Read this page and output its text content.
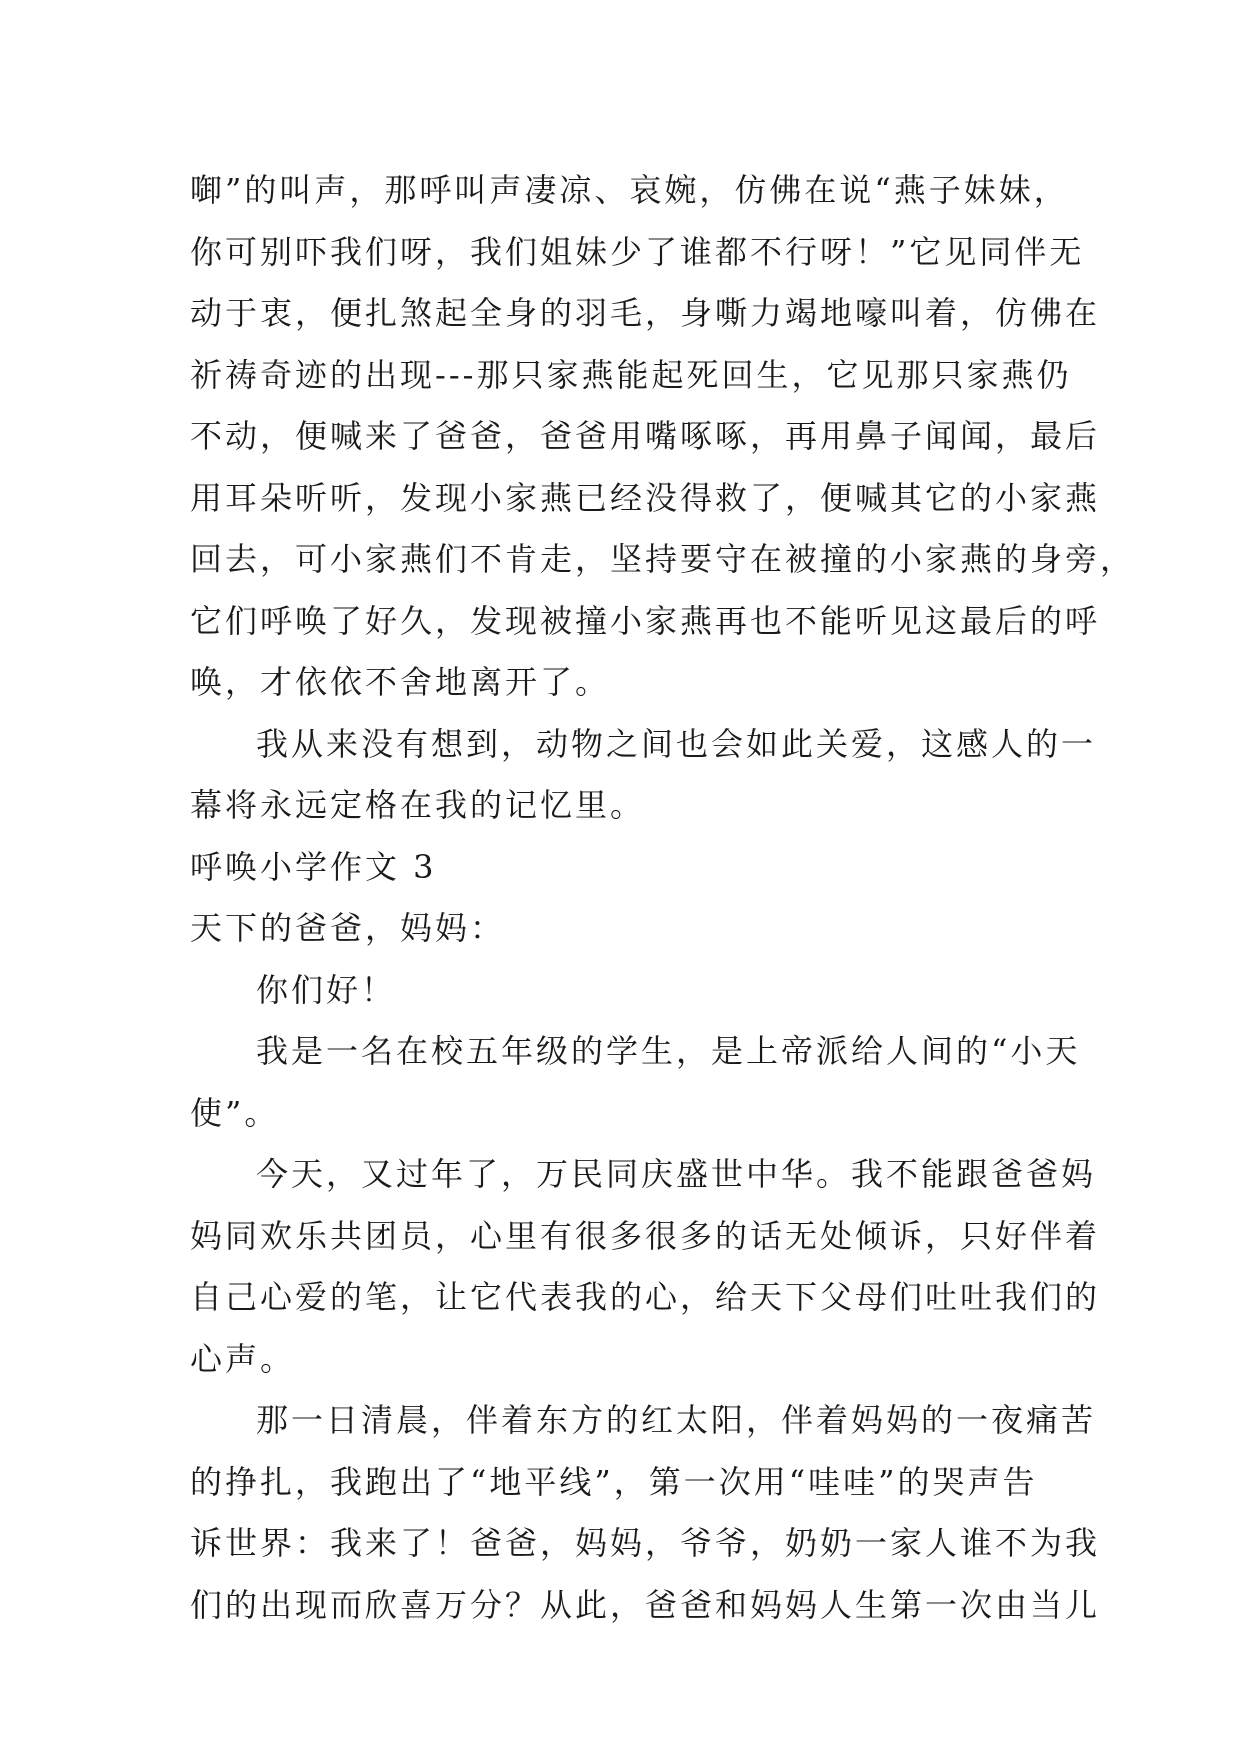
啣”的叫声，那呼叫声凄凉、哀婉，仿佛在说“燕子妹妹，
你可别吓我们呀，我们姐妹少了谁都不行呀！”它见同伴无
动于衷，便扎煞起全身的羽毛，身嘶力竭地嚎叫着，仿佛在
祈祷奇迹的出现---那只家燕能起死回生，它见那只家燕仍
不动，便喊来了爸爸，爸爸用嘴啄啄，再用鼻子闻闻，最后
用耳朵听听，发现小家燕已经没得救了，便喊其它的小家燕
回去，可小家燕们不肯走，坚持要守在被撞的小家燕的身旁，
它们呼唤了好久，发现被撞小家燕再也不能听见这最后的呼
唤，才依依不舍地离开了。

我从来没有想到，动物之间也会如此关爱，这感人的一
幕将永远定格在我的记忆里。

呼唤小学作文 3

天下的爸爸，妈妈：

你们好！

我是一名在校五年级的学生，是上帝派给人间的“小天
使”。

今天，又过年了，万民同庆盛世中华。我不能跟爸爸妈
妈同欢乐共团员，心里有很多很多的话无处倾诉，只好伴着
自己心爱的笔，让它代表我的心，给天下父母们吐吐我们的
心声。

那一日清晨，伴着东方的红太阳，伴着妈妈的一夜痛苦
的挣扎，我跑出了“地平线”，第一次用“哇哇”的哭声告
诉世界：我来了！爸爸，妈妈，爷爷，奶奶一家人谁不为我
们的出现而欣喜万分？从此，爸爸和妈妈人生第一次由当儿
